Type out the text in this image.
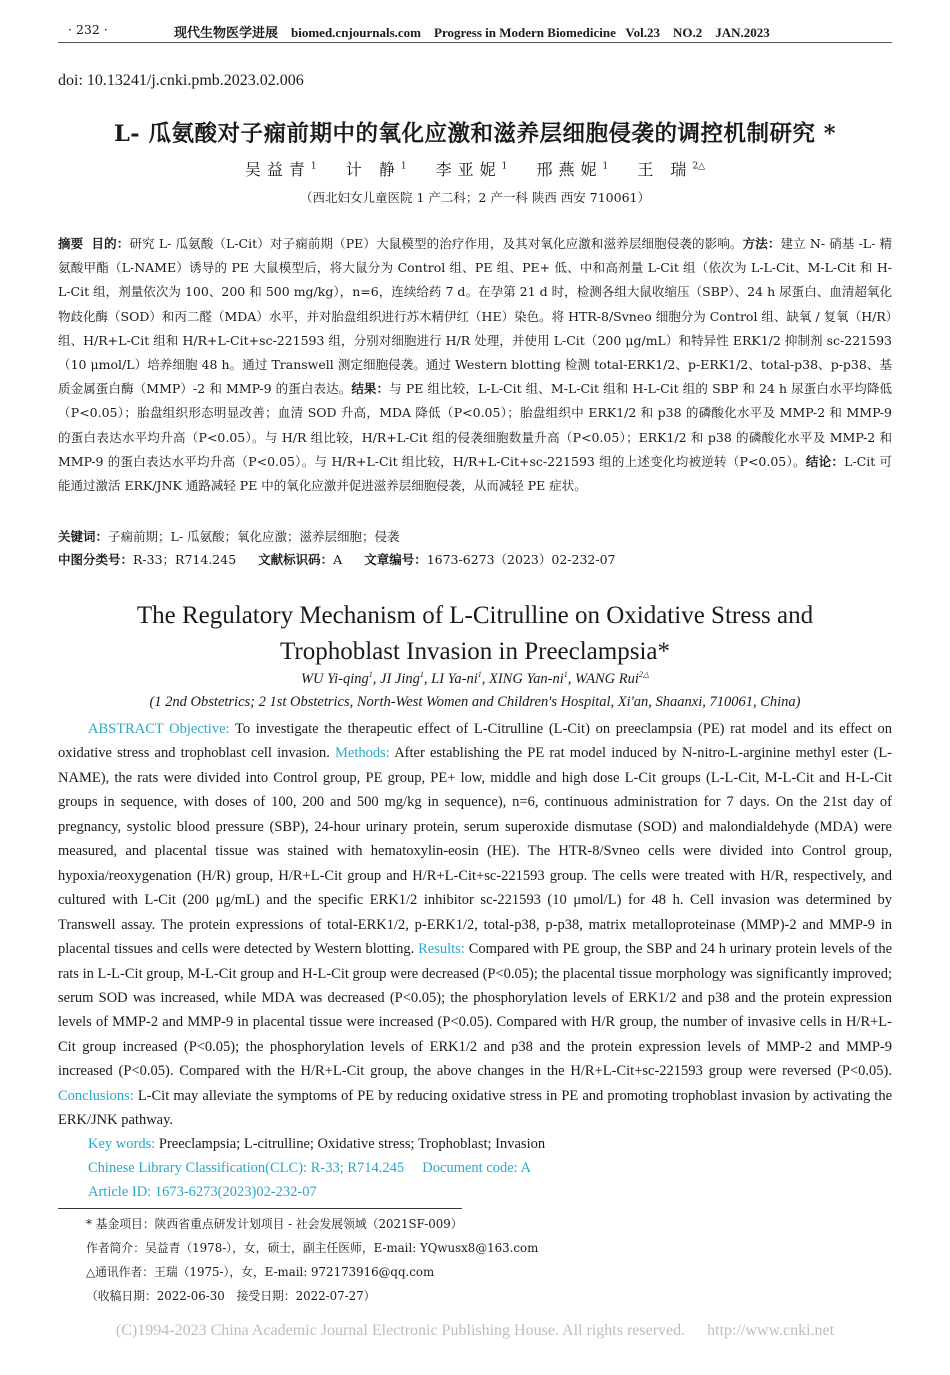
· 232 ·	现代生物医学进展 biomed.cnjournals.com Progress in Modern Biomedicine Vol.23 NO.2 JAN.2023
doi: 10.13241/j.cnki.pmb.2023.02.006
L- 瓜氨酸对子痫前期中的氧化应激和滋养层细胞侵袭的调控机制研究 *
吴益青$^1$ 计 静$^1$ 李亚妮$^1$ 邢燕妮$^1$ 王 瑞$^{2\triangle}$
（西北妇女儿童医院 1 产二科；2 产一科 陕西 西安 710061）
摘要 目的：研究 L- 瓜氨酸（L-Cit）对子痫前期（PE）大鼠模型的治疗作用，及其对氧化应激和滋养层细胞侵袭的影响。方法：建立 N- 硝基 -L- 精氨酸甲酯（L-NAME）诱导的 PE 大鼠模型后，将大鼠分为 Control 组、PE 组、PE+ 低、中和高剂量 L-Cit 组（依次为 L-L-Cit、M-L-Cit 和 H-L-Cit 组，剂量依次为 100、200 和 500 mg/kg），n=6，连续给药 7 d。在孕第 21 d 时，检测各组大鼠收缩压（SBP）、24 h 尿蛋白、血清超氧化物歧化酶（SOD）和丙二醛（MDA）水平，并对胎盘组织进行苏木精伊红（HE）染色。将 HTR-8/Svneo 细胞分为 Control 组、缺氧 / 复氧（H/R）组、H/R+L-Cit 组和 H/R+L-Cit+sc-221593 组，分别对细胞进行 H/R 处理，并使用 L-Cit（200 μg/mL）和特异性 ERK1/2 抑制剂 sc-221593（10 μmol/L）培养细胞 48 h。通过 Transwell 测定细胞侵袭。通过 Western blotting 检测 total-ERK1/2、p-ERK1/2、total-p38、p-p38、基质金属蛋白酶（MMP）-2 和 MMP-9 的蛋白表达。结果：与 PE 组比较，L-L-Cit 组、M-L-Cit 组和 H-L-Cit 组的 SBP 和 24 h 尿蛋白水平均降低（P<0.05）；胎盘组织形态明显改善；血清 SOD 升高，MDA 降低（P<0.05）；胎盘组织中 ERK1/2 和 p38 的磷酸化水平及 MMP-2 和 MMP-9 的蛋白表达水平均升高（P<0.05）。与 H/R 组比较，H/R+L-Cit 组的侵袭细胞数量升高（P<0.05）；ERK1/2 和 p38 的磷酸化水平及 MMP-2 和 MMP-9 的蛋白表达水平均升高（P<0.05）。与 H/R+L-Cit 组比较，H/R+L-Cit+sc-221593 组的上述变化均被逆转（P<0.05）。结论：L-Cit 可能通过激活 ERK/JNK 通路减轻 PE 中的氧化应激并促进滋养层细胞侵袭，从而减轻 PE 症状。
关键词：子痫前期；L- 瓜氨酸；氧化应激；滋养层细胞；侵袭
中图分类号：R-33；R714.245 文献标识码：A 文章编号：1673-6273（2023）02-232-07
The Regulatory Mechanism of L-Citrulline on Oxidative Stress and
Trophoblast Invasion in Preeclampsia*
WU Yi-qing$^1$, JI Jing$^1$, LI $Ya-ni^1$, XING Yan-$ni^1$, WANG Rui$^{2\triangle}$
(1 2nd Obstetrics; 2 1st Obstetrics, North-West Women and Children's Hospital, Xi'an, Shaanxi, 710061, China)
ABSTRACT Objective: To investigate the therapeutic effect of L-Citrulline (L-Cit) on preeclampsia (PE) rat model and its effect on oxidative stress and trophoblast cell invasion. Methods: After establishing the PE rat model induced by N-nitro-L-arginine methyl ester (L-NAME), the rats were divided into Control group, PE group, PE+ low, middle and high dose L-Cit groups (L-L-Cit, M-L-Cit and H-L-Cit groups in sequence, with doses of 100, 200 and 500 mg/kg in sequence), n=6, continuous administration for 7 days. On the 21st day of pregnancy, systolic blood pressure (SBP), 24-hour urinary protein, serum superoxide dismutase (SOD) and malondialdehyde (MDA) were measured, and placental tissue was stained with hematoxylin-eosin (HE). The HTR-8/Svneo cells were divided into Control group, hypoxia/reoxygenation (H/R) group, H/R+L-Cit group and H/R+L-Cit+sc-221593 group. The cells were treated with H/R, respectively, and cultured with L-Cit (200 μg/mL) and the specific ERK1/2 inhibitor sc-221593 (10 μmol/L) for 48 h. Cell invasion was determined by Transwell assay. The protein expressions of total-ERK1/2, p-ERK1/2, total-p38, p-p38, matrix metalloproteinase (MMP)-2 and MMP-9 in placental tissues and cells were detected by Western blotting. Results: Compared with PE group, the SBP and 24 h urinary protein levels of the rats in L-L-Cit group, M-L-Cit group and H-L-Cit group were decreased (P<0.05); the placental tissue morphology was significantly improved; serum SOD was increased, while MDA was decreased (P<0.05); the phosphorylation levels of ERK1/2 and p38 and the protein expression levels of MMP-2 and MMP-9 in placental tissue were increased (P<0.05). Compared with H/R group, the number of invasive cells in H/R+L-Cit group increased (P<0.05); the phosphorylation levels of ERK1/2 and p38 and the protein expression levels of MMP-2 and MMP-9 increased (P<0.05). Compared with the H/R+L-Cit group, the above changes in the H/R+L-Cit+sc-221593 group were reversed (P<0.05). Conclusions: L-Cit may alleviate the symptoms of PE by reducing oxidative stress in PE and promoting trophoblast invasion by activating the ERK/JNK pathway.
Key words: Preeclampsia; L-citrulline; Oxidative stress; Trophoblast; Invasion
Chinese Library Classification(CLC): R-33; R714.245 Document code: A
Article ID: 1673-6273(2023)02-232-07
* 基金项目：陕西省重点研发计划项目 - 社会发展领域（2021SF-009）
作者简介：吴益青（1978-），女，硕士，副主任医师，E-mail: YQwusx8@163.com
△通讯作者：王瑞（1975-），女，E-mail: 972173916@qq.com
（收稿日期：2022-06-30　接受日期：2022-07-27）
(C)1994-2023 China Academic Journal Electronic Publishing House. All rights reserved. http://www.cnki.net
